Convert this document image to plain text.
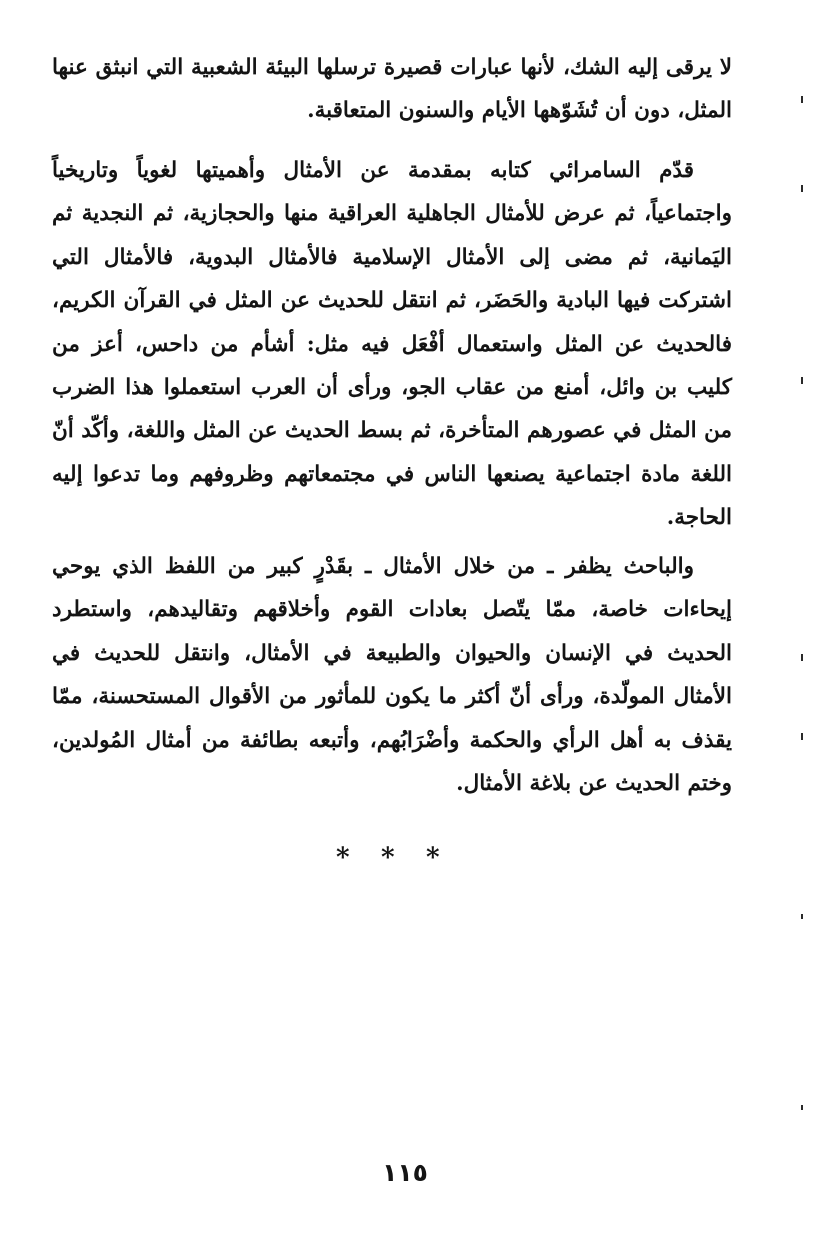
لا يرقى إليه الشك، لأنها عبارات قصيرة ترسلها البيئة الشعبية التي انبثق عنها المثل، دون أن تُشَوّهها الأيام والسنون المتعاقبة.

قدّم السامرائي كتابه بمقدمة عن الأمثال وأهميتها لغوياً وتاريخياً واجتماعياً، ثم عرض للأمثال الجاهلية العراقية منها والحجازية، ثم النجدية ثم اليَمانية، ثم مضى إلى الأمثال الإسلامية فالأمثال البدوية، فالأمثال التي اشتركت فيها البادية والحَضَر، ثم انتقل للحديث عن المثل في القرآن الكريم، فالحديث عن المثل واستعمال أفْعَل فيه مثل: أشأم من داحس، أعز من كليب بن وائل، أمنع من عقاب الجو، ورأى أن العرب استعملوا هذا الضرب من المثل في عصورهم المتأخرة، ثم بسط الحديث عن المثل واللغة، وأكّد أنّ اللغة مادة اجتماعية يصنعها الناس في مجتمعاتهم وظروفهم وما تدعوا إليه الحاجة.

والباحث يظفر ـ من خلال الأمثال ـ بقَدْرٍ كبير من اللفظ الذي يوحي إيحاءات خاصة، ممّا يتّصل بعادات القوم وأخلاقهم وتقاليدهم، واستطرد الحديث في الإنسان والحيوان والطبيعة في الأمثال، وانتقل للحديث في الأمثال المولّدة، ورأى أنّ أكثر ما يكون للمأثور من الأقوال المستحسنة، ممّا يقذف به أهل الرأي والحكمة وأضْرَابُهم، وأتبعه بطائفة من أمثال المُولدين، وختم الحديث عن بلاغة الأمثال.

* * *
١١٥
